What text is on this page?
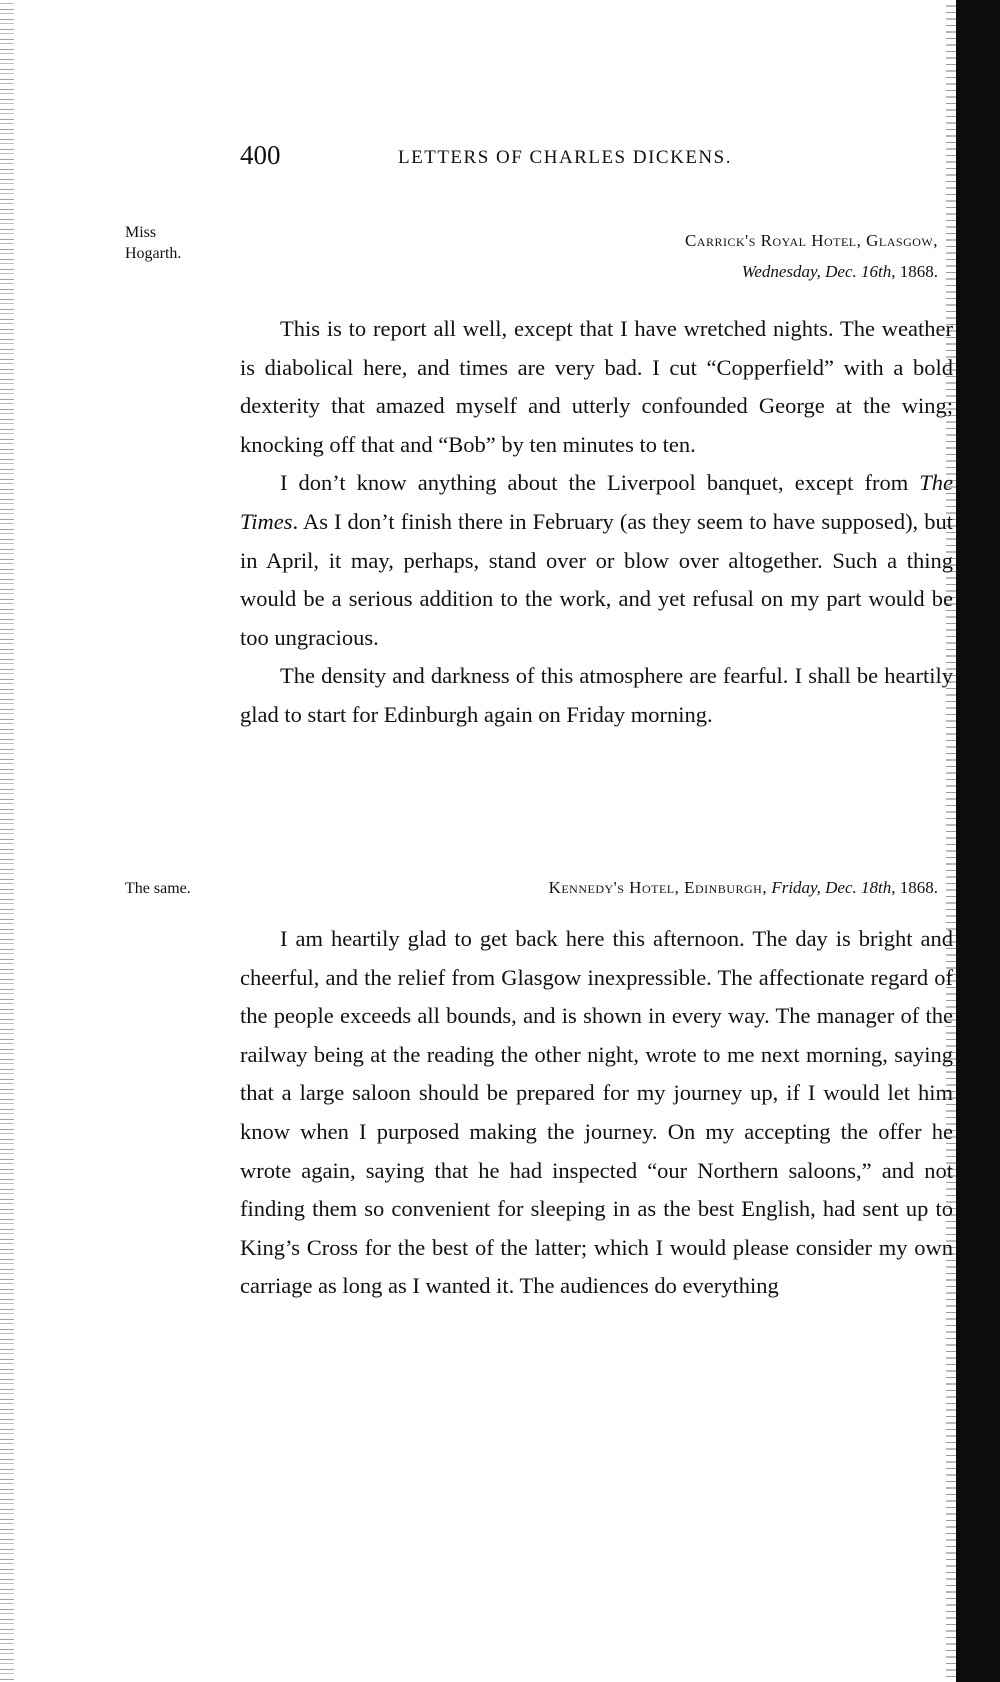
400	LETTERS OF CHARLES DICKENS.
Miss
Hogarth.
Carrick's Royal Hotel, Glasgow,
Wednesday, Dec. 16th, 1868.

This is to report all well, except that I have wretched nights. The weather is diabolical here, and times are very bad. I cut “Copperfield” with a bold dexterity that amazed myself and utterly confounded George at the wing; knocking off that and “Bob” by ten minutes to ten.

I don’t know anything about the Liverpool banquet, except from The Times. As I don’t finish there in February (as they seem to have supposed), but in April, it may, perhaps, stand over or blow over altogether. Such a thing would be a serious addition to the work, and yet refusal on my part would be too ungracious.

The density and darkness of this atmosphere are fearful. I shall be heartily glad to start for Edinburgh again on Friday morning.

The same.	Kennedy's Hotel, Edinburgh, Friday, Dec. 18th, 1868.

I am heartily glad to get back here this afternoon. The day is bright and cheerful, and the relief from Glasgow inexpressible. The affectionate regard of the people exceeds all bounds, and is shown in every way. The manager of the railway being at the reading the other night, wrote to me next morning, saying that a large saloon should be prepared for my journey up, if I would let him know when I purposed making the journey. On my accepting the offer he wrote again, saying that he had inspected “our Northern saloons,” and not finding them so convenient for sleeping in as the best English, had sent up to King’s Cross for the best of the latter; which I would please consider my own carriage as long as I wanted it. The audiences do everything
